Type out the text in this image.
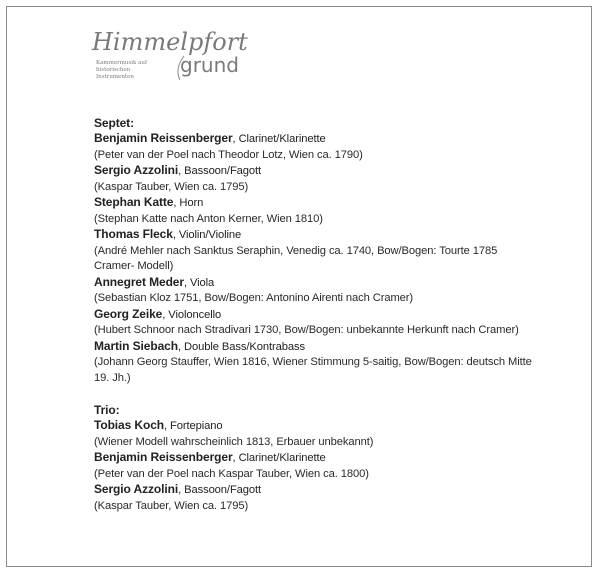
Himmelpfort
grund
Kammermusik auf
historischen
Instrumenten
Septet:
Benjamin Reissenberger, Clarinet/Klarinette
(Peter van der Poel nach Theodor Lotz, Wien ca. 1790)
Sergio Azzolini, Bassoon/Fagott
(Kaspar Tauber, Wien ca. 1795)
Stephan Katte, Horn
(Stephan Katte nach Anton Kerner, Wien 1810)
Thomas Fleck, Violin/Violine
(André Mehler nach Sanktus Seraphin, Venedig ca. 1740, Bow/Bogen: Tourte 1785 Cramer- Modell)
Annegret Meder, Viola
(Sebastian Kloz 1751, Bow/Bogen: Antonino Airenti nach Cramer)
Georg Zeike, Violoncello
(Hubert Schnoor nach Stradivari 1730, Bow/Bogen: unbekannte Herkunft nach Cramer)
Martin Siebach, Double Bass/Kontrabass
(Johann Georg Stauffer, Wien 1816, Wiener Stimmung 5-saitig, Bow/Bogen: deutsch Mitte 19. Jh.)
Trio:
Tobias Koch, Fortepiano
(Wiener Modell wahrscheinlich 1813, Erbauer unbekannt)
Benjamin Reissenberger, Clarinet/Klarinette
(Peter van der Poel nach Kaspar Tauber, Wien ca. 1800)
Sergio Azzolini, Bassoon/Fagott
(Kaspar Tauber, Wien ca. 1795)
